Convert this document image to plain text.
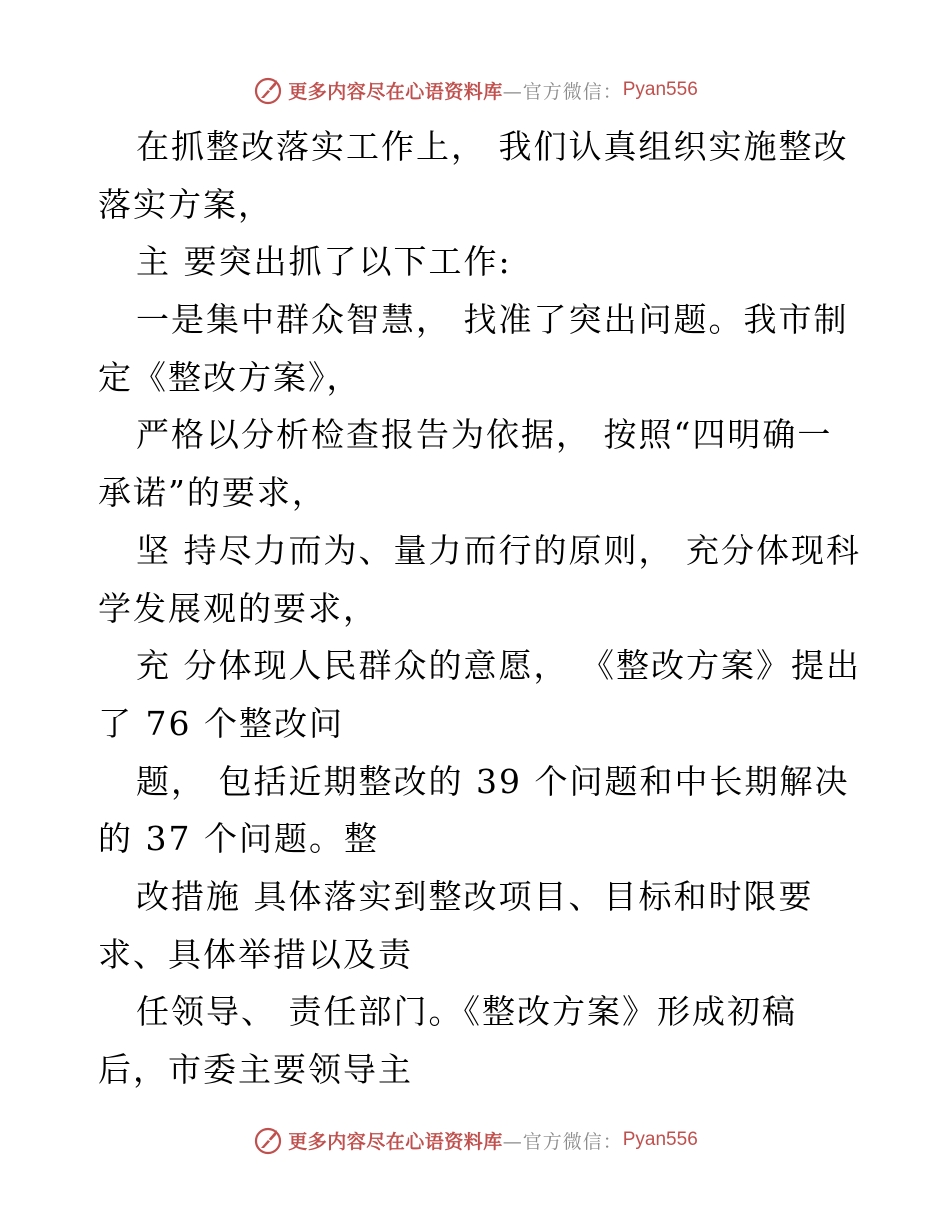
更多内容尽在心语资料库 —官方微信： Pyan556
在抓整改落实工作上， 我们认真组织实施整改
落实方案，
主 要突出抓了以下工作:
一是集中群众智慧， 找准了突出问题。我市制
定《整改方案》，
严格以分析检查报告为依据， 按照“四明确一
承诺”的要求，
坚 持尽力而为、量力而行的原则， 充分体现科
学发展观的要求，
充 分体现人民群众的意愿， 《整改方案》提出
了 76 个整改问
题， 包括近期整改的 39 个问题和中长期解决
的 37 个问题。整
改措施 具体落实到整改项目、目标和时限要
求、具体举措以及责
任领导、 责任部门。《整改方案》形成初稿
后，市委主要领导主
更多内容尽在心语资料库 —官方微信： Pyan556
